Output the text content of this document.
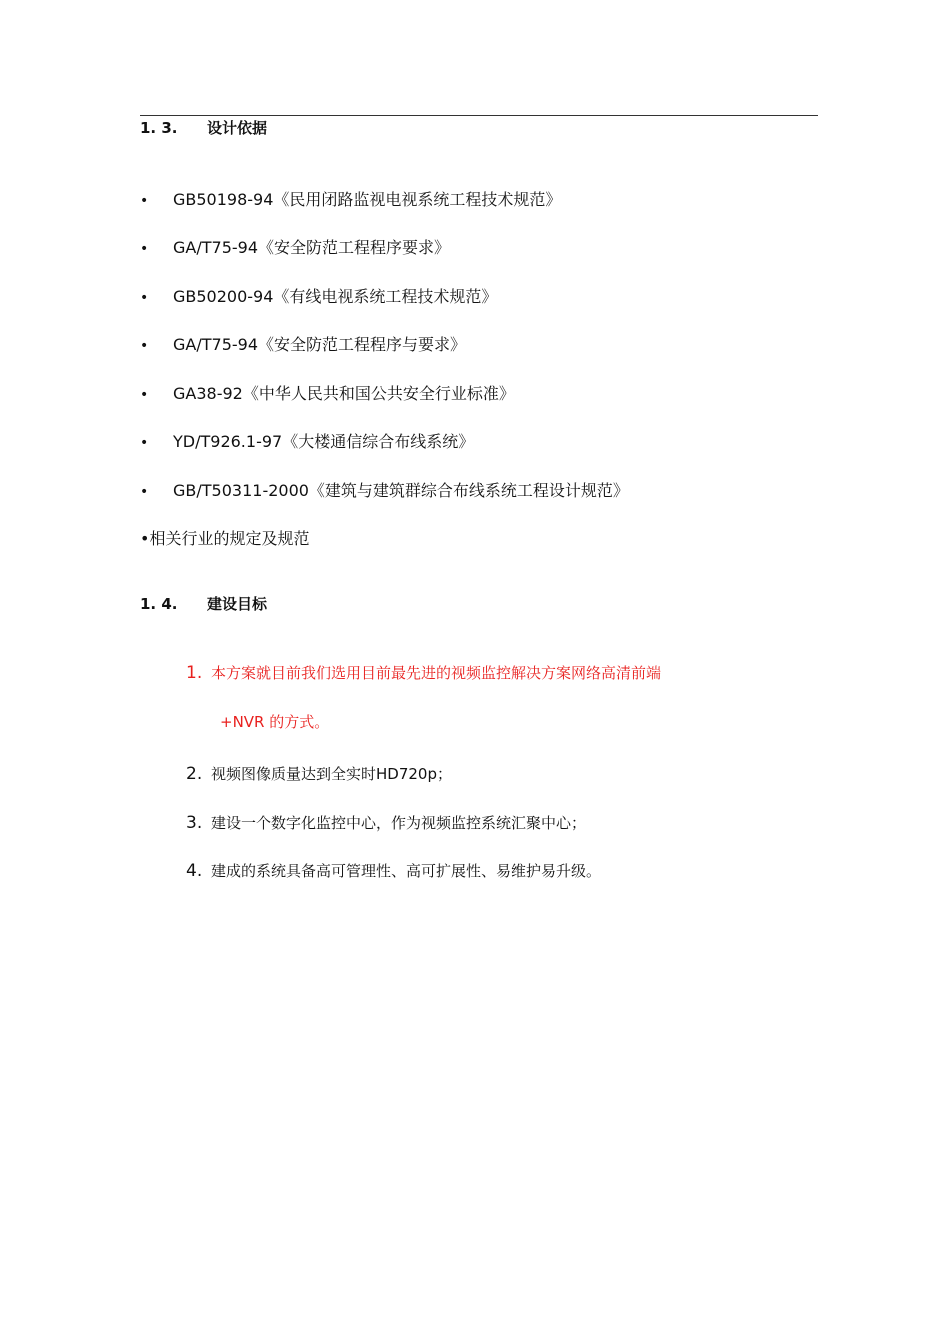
1. 3. 设计依据
• GB50198-94《民用闭路监视电视系统工程技术规范》
• GA/T75-94《安全防范工程程序要求》
• GB50200-94《有线电视系统工程技术规范》
• GA/T75-94《安全防范工程程序与要求》
• GA38-92《中华人民共和国公共安全行业标准》
• YD/T926.1-97《大楼通信综合布线系统》
• GB/T50311-2000《建筑与建筑群综合布线系统工程设计规范》
•相关行业的规定及规范
1. 4. 建设目标
1. 本方案就目前我们选用目前最先进的视频监控解决方案网络高清前端
+NVR 的方式。
2. 视频图像质量达到全实时HD720p；
3. 建设一个数字化监控中心，作为视频监控系统汇聚中心；
4. 建成的系统具备高可管理性、高可扩展性、易维护易升级。
